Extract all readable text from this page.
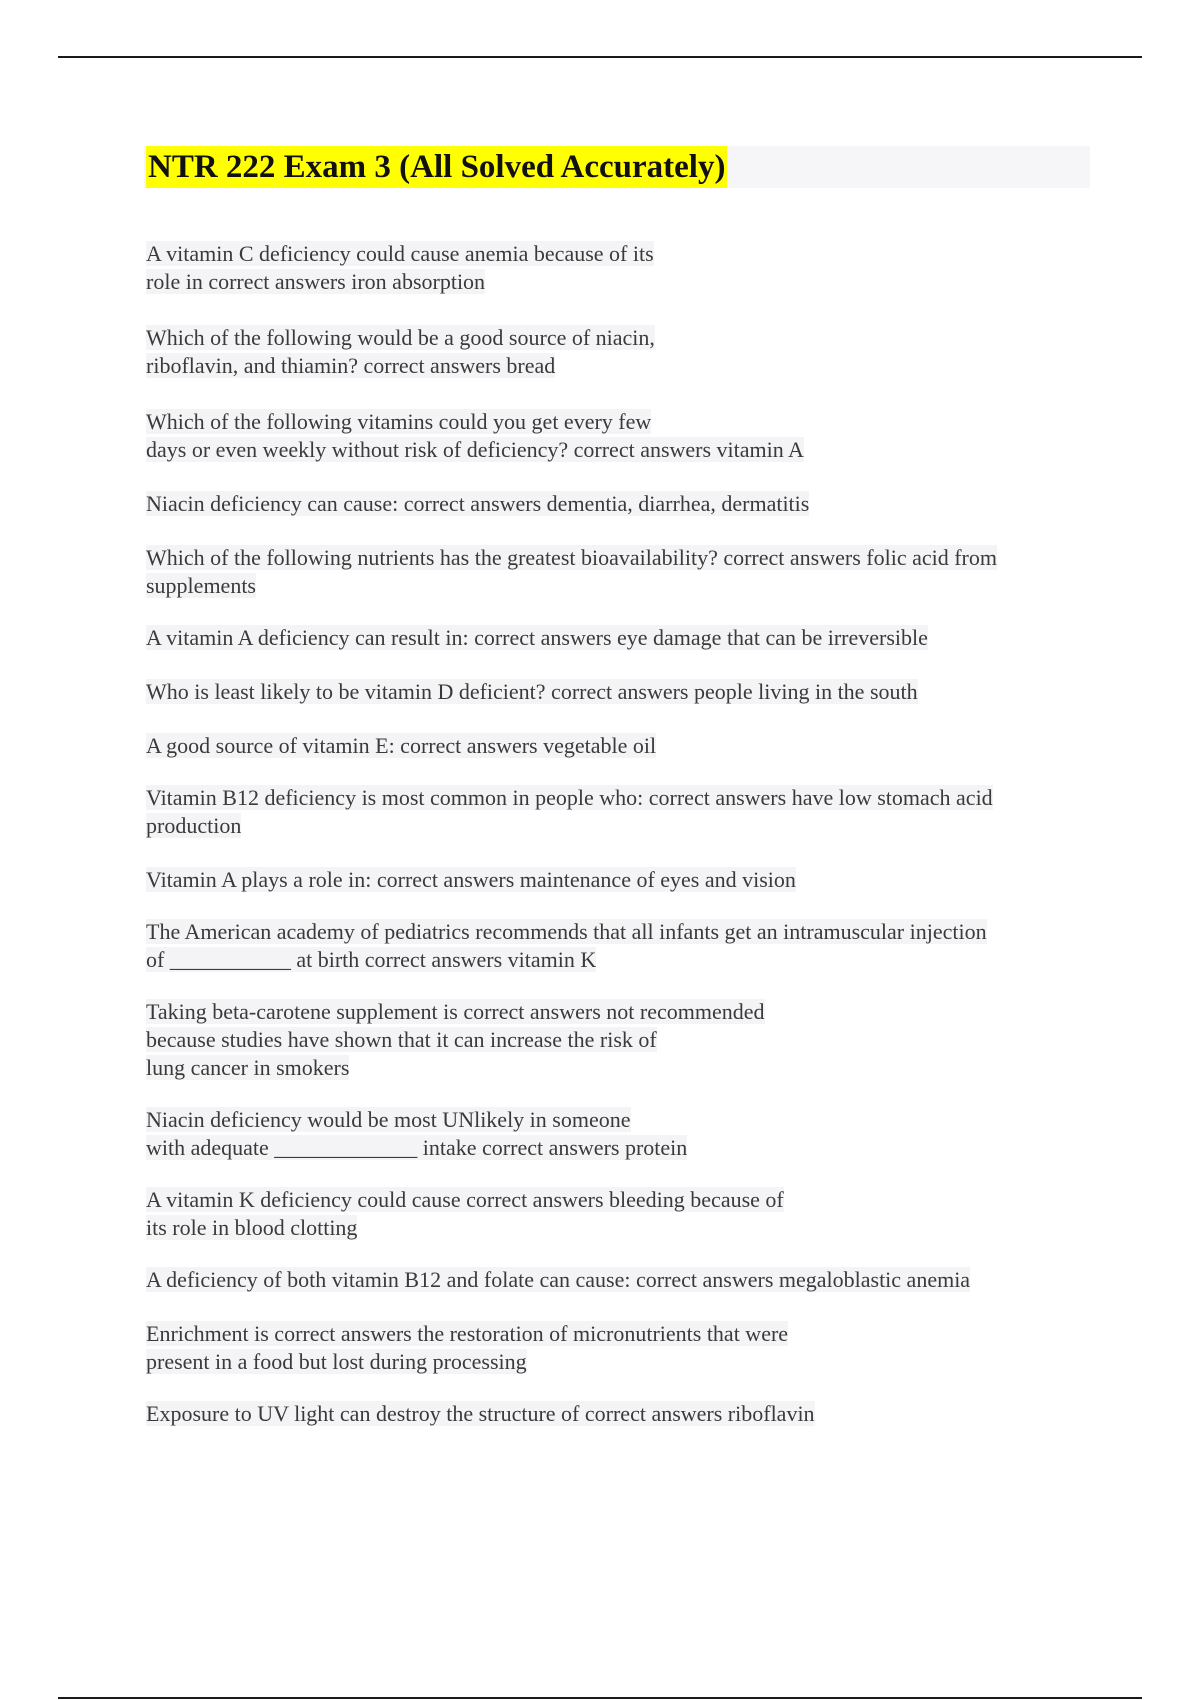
NTR 222 Exam 3 (All Solved Accurately)
A vitamin C deficiency could cause anemia because of its
role in correct answers iron absorption
Which of the following would be a good source of niacin,
riboflavin, and thiamin? correct answers bread
Which of the following vitamins could you get every few
days or even weekly without risk of deficiency? correct answers vitamin A
Niacin deficiency can cause: correct answers dementia, diarrhea, dermatitis
Which of the following nutrients has the greatest bioavailability? correct answers folic acid from
supplements
A vitamin A deficiency can result in: correct answers eye damage that can be irreversible
Who is least likely to be vitamin D deficient? correct answers people living in the south
A good source of vitamin E: correct answers vegetable oil
Vitamin B12 deficiency is most common in people who: correct answers have low stomach acid
production
Vitamin A plays a role in: correct answers maintenance of eyes and vision
The American academy of pediatrics recommends that all infants get an intramuscular injection
of ___________ at birth correct answers vitamin K
Taking beta-carotene supplement is correct answers not recommended
because studies have shown that it can increase the risk of
lung cancer in smokers
Niacin deficiency would be most UNlikely in someone
with adequate _____________ intake correct answers protein
A vitamin K deficiency could cause correct answers bleeding because of
its role in blood clotting
A deficiency of both vitamin B12 and folate can cause: correct answers megaloblastic anemia
Enrichment is correct answers the restoration of micronutrients that were
present in a food but lost during processing
Exposure to UV light can destroy the structure of correct answers riboflavin
